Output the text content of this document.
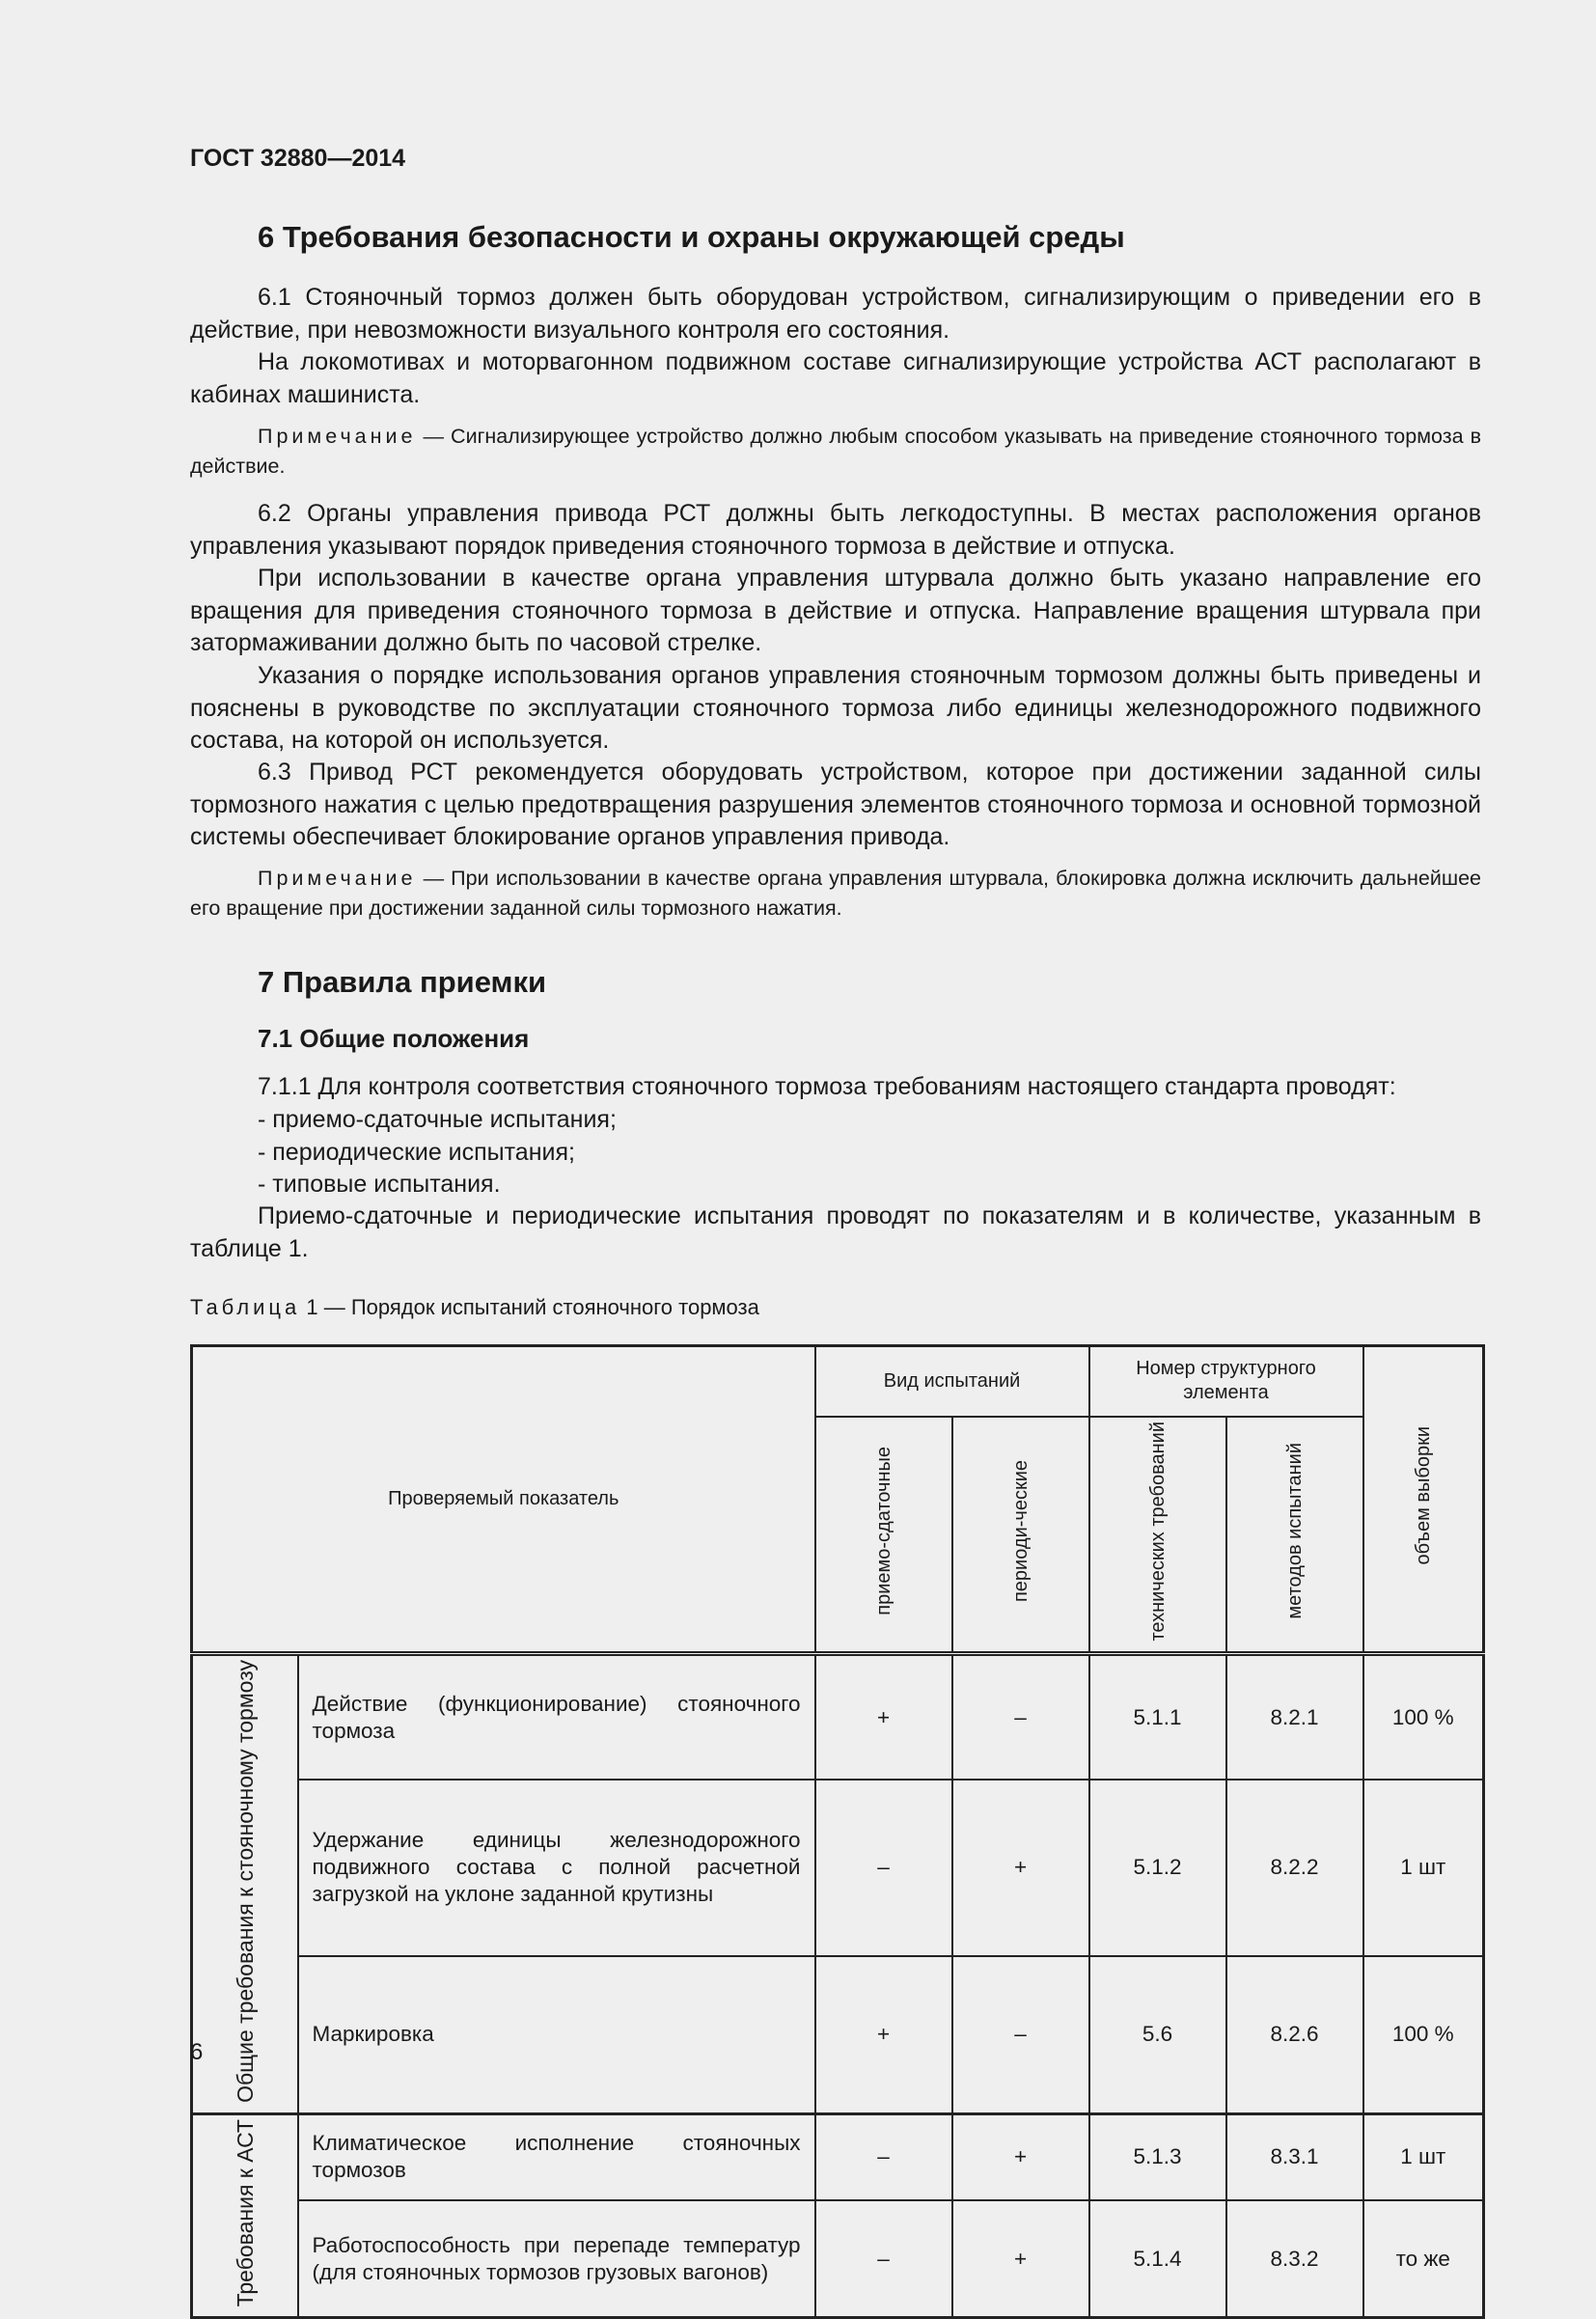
ГОСТ 32880—2014
6 Требования безопасности и охраны окружающей среды

6.1 Стояночный тормоз должен быть оборудован устройством, сигнализирующим о приведении его в действие, при невозможности визуального контроля его состояния.

На локомотивах и моторвагонном подвижном составе сигнализирующие устройства АСТ располагают в кабинах машиниста.

Примечание — Сигнализирующее устройство должно любым способом указывать на приведение стояночного тормоза в действие.

6.2 Органы управления привода РСТ должны быть легкодоступны. В местах расположения органов управления указывают порядок приведения стояночного тормоза в действие и отпуска.

При использовании в качестве органа управления штурвала должно быть указано направление его вращения для приведения стояночного тормоза в действие и отпуска. Направление вращения штурвала при затормаживании должно быть по часовой стрелке.

Указания о порядке использования органов управления стояночным тормозом должны быть приведены и пояснены в руководстве по эксплуатации стояночного тормоза либо единицы железнодорожного подвижного состава, на которой он используется.

6.3 Привод РСТ рекомендуется оборудовать устройством, которое при достижении заданной силы тормозного нажатия с целью предотвращения разрушения элементов стояночного тормоза и основной тормозной системы обеспечивает блокирование органов управления привода.

Примечание — При использовании в качестве органа управления штурвала, блокировка должна исключить дальнейшее его вращение при достижении заданной силы тормозного нажатия.

7 Правила приемки
7.1 Общие положения

7.1.1 Для контроля соответствия стояночного тормоза требованиям настоящего стандарта проводят:

- приемо-сдаточные испытания;
- периодические испытания;
- типовые испытания.

Приемо-сдаточные и периодические испытания проводят по показателям и в количестве, указанным в таблице 1.

Таблица 1 — Порядок испытаний стояночного тормоза
Проверяемый показатель		Вид испытаний		Номер структурного элемента		объем выборки
		приемо-сдаточные	периоди-ческие	технических требований	методов испытаний	
Общие требования к стояночному тормозу	Действие (функционирование) стояночного тормоза	+	–	5.1.1	8.2.1	100 %
	Удержание единицы железнодорожного подвижного состава с полной расчетной загрузкой на уклоне заданной крутизны	–	+	5.1.2	8.2.2	1 шт
	Маркировка	+	–	5.6	8.2.6	100 %
Требования к АСТ	Климатическое исполнение стояночных тормозов	–	+	5.1.3	8.3.1	1 шт
	Работоспособность при перепаде температур (для стояночных тормозов грузовых вагонов)	–	+	5.1.4	8.3.2	то же
6
